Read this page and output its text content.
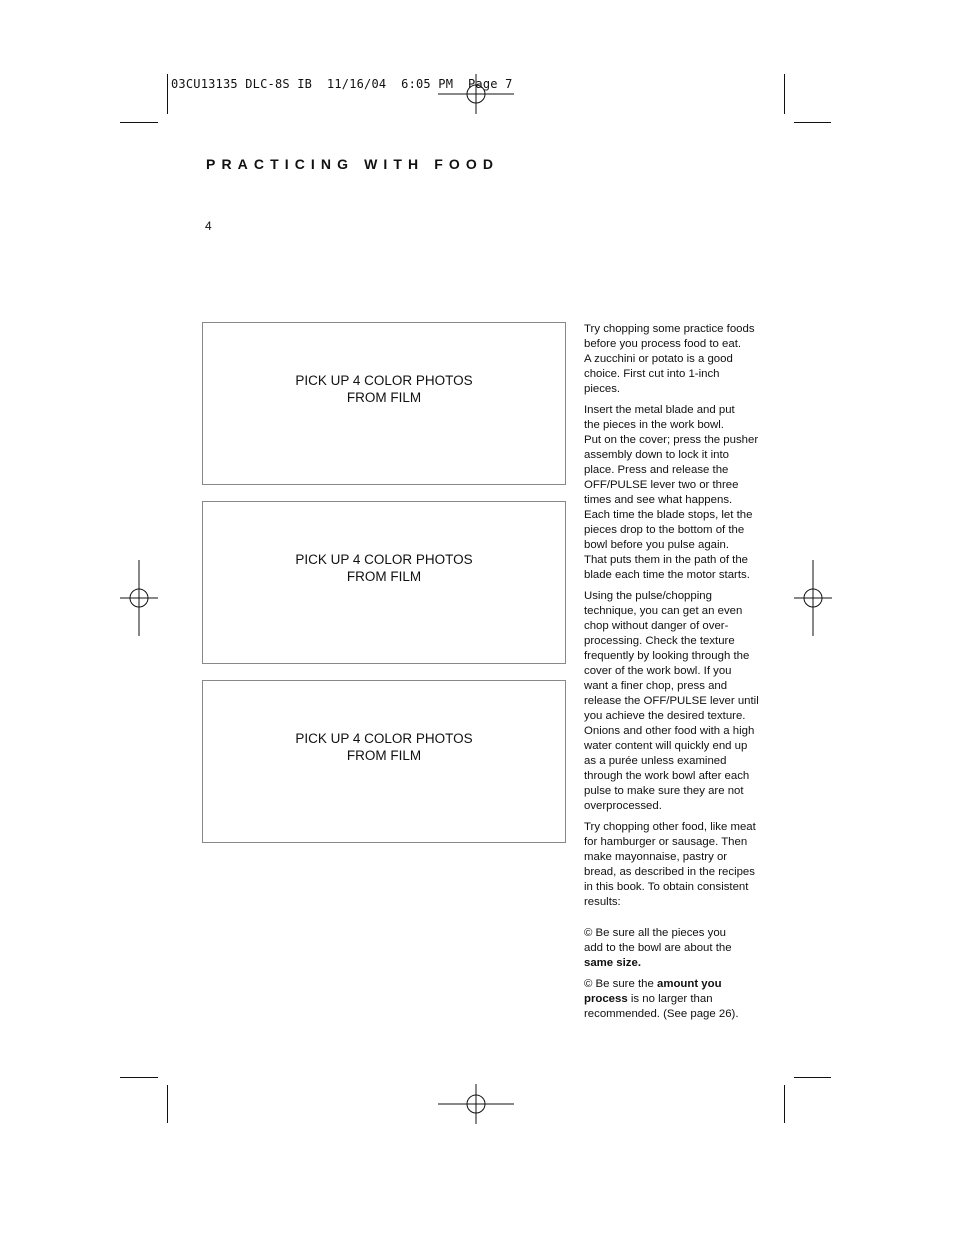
03CU13135 DLC-8S IB  11/16/04  6:05 PM  Page 7
PRACTICING WITH FOOD
4
PICK UP 4 COLOR PHOTOS
FROM FILM
PICK UP 4 COLOR PHOTOS
FROM FILM
PICK UP 4 COLOR PHOTOS
FROM FILM

Try chopping some practice foods
before you process food to eat.
A zucchini or potato is a good
choice. First cut into 1-inch
pieces.

Insert the metal blade and put
the pieces in the work bowl.
Put on the cover; press the pusher
assembly down to lock it into
place. Press and release the
OFF/PULSE lever two or three
times and see what happens.
Each time the blade stops, let the
pieces drop to the bottom of the
bowl before you pulse again.
That puts them in the path of the
blade each time the motor starts.

Using the pulse/chopping
technique, you can get an even
chop without danger of over-
processing. Check the texture
frequently by looking through the
cover of the work bowl. If you
want a finer chop, press and
release the OFF/PULSE lever until
you achieve the desired texture.
Onions and other food with a high
water content will quickly end up
as a purée unless examined
through the work bowl after each
pulse to make sure they are not
overprocessed.

Try chopping other food, like meat
for hamburger or sausage. Then
make mayonnaise, pastry or
bread, as described in the recipes
in this book. To obtain consistent
results:

© Be sure all the pieces you
add to the bowl are about the
same size.

© Be sure the amount you
process is no larger than
recommended. (See page 26).
